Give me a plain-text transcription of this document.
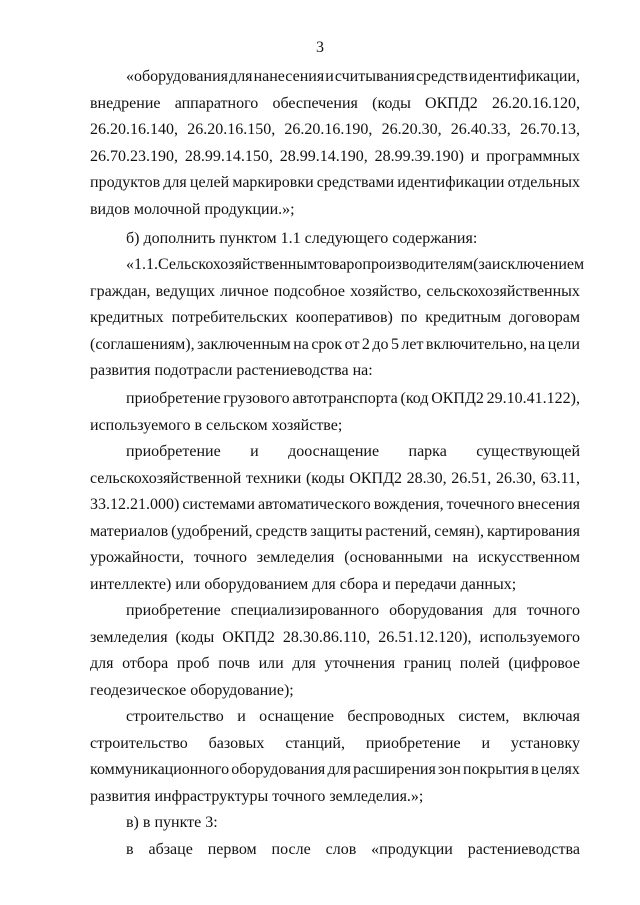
3
«оборудования для нанесения и считывания средств идентификации,
внедрение аппаратного обеспечения (коды ОКПД2 26.20.16.120,
26.20.16.140, 26.20.16.150, 26.20.16.190, 26.20.30, 26.40.33, 26.70.13,
26.70.23.190, 28.99.14.150, 28.99.14.190, 28.99.39.190) и программных
продуктов для целей маркировки средствами идентификации отдельных
видов молочной продукции.»;
б) дополнить пунктом 1.1 следующего содержания:
«1.1. Сельскохозяйственным товаропроизводителям (за исключением
граждан, ведущих личное подсобное хозяйство, сельскохозяйственных
кредитных потребительских кооперативов) по кредитным договорам
(соглашениям), заключенным на срок от 2 до 5 лет включительно, на цели
развития подотрасли растениеводства на:
приобретение грузового автотранспорта (код ОКПД2 29.10.41.122),
используемого в сельском хозяйстве;
приобретение и дооснащение парка существующей
сельскохозяйственной техники (коды ОКПД2 28.30, 26.51, 26.30, 63.11,
33.12.21.000) системами автоматического вождения, точечного внесения
материалов (удобрений, средств защиты растений, семян), картирования
урожайности, точного земледелия (основанными на искусственном
интеллекте) или оборудованием для сбора и передачи данных;
приобретение специализированного оборудования для точного
земледелия (коды ОКПД2 28.30.86.110, 26.51.12.120), используемого
для отбора проб почв или для уточнения границ полей (цифровое
геодезическое оборудование);
строительство и оснащение беспроводных систем, включая
строительство базовых станций, приобретение и установку
коммуникационного оборудования для расширения зон покрытия в целях
развития инфраструктуры точного земледелия.»;
в) в пункте 3:
в абзаце первом после слов «продукции растениеводства
